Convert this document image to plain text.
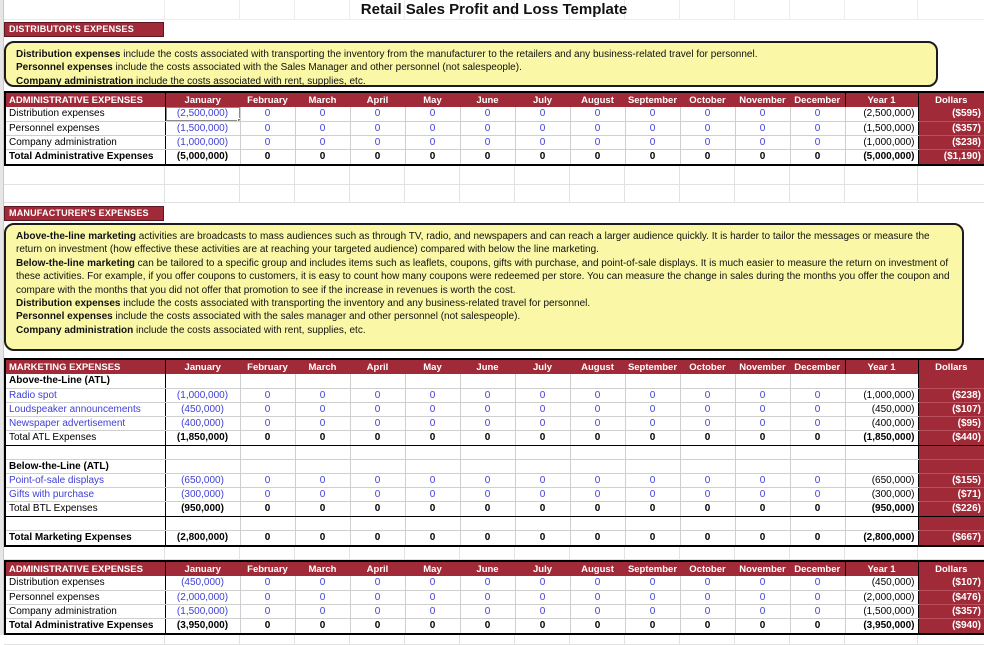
Retail Sales Profit and Loss Template
DISTRIBUTOR'S EXPENSES
Distribution expenses include the costs associated with transporting the inventory from the manufacturer to the retailers and any business-related travel for personnel.
Personnel expenses include the costs associated with the Sales Manager and other personnel (not salespeople).
Company administration include the costs associated with rent, supplies, etc.
ADMINISTRATIVE EXPENSES	January	February	March	April	May	June	July	August	September	October	November	December	Year 1	Dollars
Distribution expenses	(2,500,000)	0	0	0	0	0	0	0	0	0	0	0	(2,500,000)	($595)
Personnel expenses	(1,500,000)	0	0	0	0	0	0	0	0	0	0	0	(1,500,000)	($357)
Company administration	(1,000,000)	0	0	0	0	0	0	0	0	0	0	0	(1,000,000)	($238)
Total Administrative Expenses	(5,000,000)	0	0	0	0	0	0	0	0	0	0	0	(5,000,000)	($1,190)

MANUFACTURER'S EXPENSES
Above-the-line marketing activities are broadcasts to mass audiences such as through TV, radio, and newspapers and can reach a larger audience quickly. It is harder to tailor the messages or measure the return on investment (how effective these activities are at reaching your targeted audience) compared with below the line marketing.
Below-the-line marketing can be tailored to a specific group and includes items such as leaflets, coupons, gifts with purchase, and point-of-sale displays. It is much easier to measure the return on investment of these activities. For example, if you offer coupons to customers, it is easy to count how many coupons were redeemed per store. You can measure the change in sales during the months you offer the coupon and compare with the months that you did not offer that promotion to see if the increase in revenues is worth the cost.
Distribution expenses include the costs associated with transporting the inventory and any business-related travel for personnel.
Personnel expenses include the costs associated with the sales manager and other personnel (not salespeople).
Company administration include the costs associated with rent, supplies, etc.
MARKETING EXPENSES	January	February	March	April	May	June	July	August	September	October	November	December	Year 1	Dollars
Above-the-Line (ATL)														
Radio spot	(1,000,000)	0	0	0	0	0	0	0	0	0	0	0	(1,000,000)	($238)
Loudspeaker announcements	(450,000)	0	0	0	0	0	0	0	0	0	0	0	(450,000)	($107)
Newspaper advertisement	(400,000)	0	0	0	0	0	0	0	0	0	0	0	(400,000)	($95)
Total ATL Expenses	(1,850,000)	0	0	0	0	0	0	0	0	0	0	0	(1,850,000)	($440)

Below-the-Line (ATL)														
Point-of-sale displays	(650,000)	0	0	0	0	0	0	0	0	0	0	0	(650,000)	($155)
Gifts with purchase	(300,000)	0	0	0	0	0	0	0	0	0	0	0	(300,000)	($71)
Total BTL Expenses	(950,000)	0	0	0	0	0	0	0	0	0	0	0	(950,000)	($226)

Total Marketing Expenses	(2,800,000)	0	0	0	0	0	0	0	0	0	0	0	(2,800,000)	($667)

ADMINISTRATIVE EXPENSES	January	February	March	April	May	June	July	August	September	October	November	December	Year 1	Dollars
Distribution expenses	(450,000)	0	0	0	0	0	0	0	0	0	0	0	(450,000)	($107)
Personnel expenses	(2,000,000)	0	0	0	0	0	0	0	0	0	0	0	(2,000,000)	($476)
Company administration	(1,500,000)	0	0	0	0	0	0	0	0	0	0	0	(1,500,000)	($357)
Total Administrative Expenses	(3,950,000)	0	0	0	0	0	0	0	0	0	0	0	(3,950,000)	($940)
